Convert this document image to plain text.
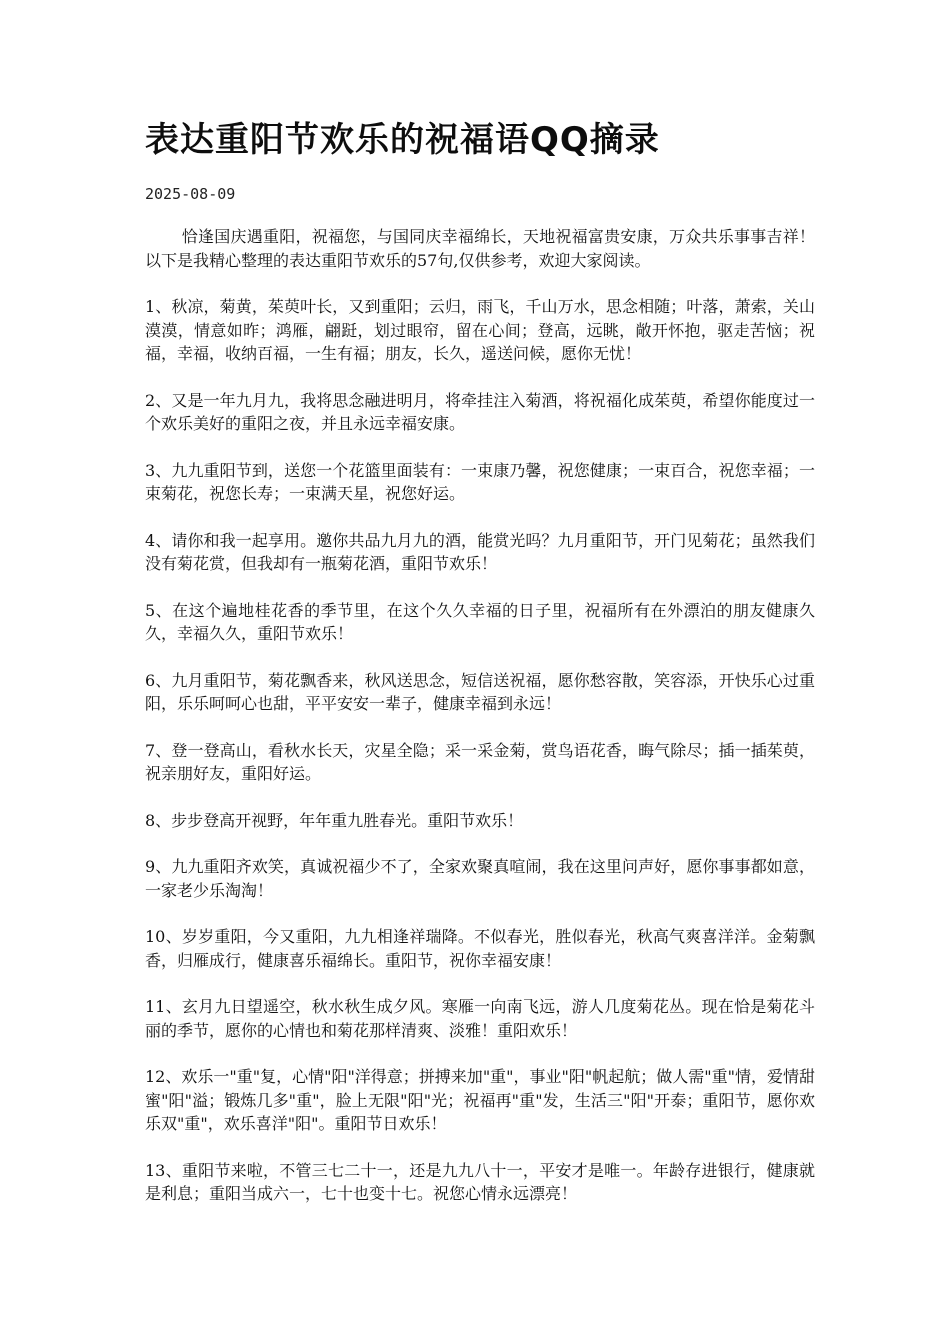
表达重阳节欢乐的祝福语QQ摘录
2025-08-09

恰逢国庆遇重阳，祝福您，与国同庆幸福绵长，天地祝福富贵安康，万众共乐事事吉祥！以下是我精心整理的表达重阳节欢乐的57句,仅供参考，欢迎大家阅读。

1、秋凉，菊黄，茱萸叶长，又到重阳；云归，雨飞，千山万水，思念相随；叶落，萧索，关山漠漠，情意如昨；鸿雁，翩跹，划过眼帘，留在心间；登高，远眺，敞开怀抱，驱走苦恼；祝福，幸福，收纳百福，一生有福；朋友，长久，遥送问候，愿你无忧！

2、又是一年九月九，我将思念融进明月，将牵挂注入菊酒，将祝福化成茱萸，希望你能度过一个欢乐美好的重阳之夜，并且永远幸福安康。

3、九九重阳节到，送您一个花篮里面装有：一束康乃馨，祝您健康；一束百合，祝您幸福；一束菊花，祝您长寿；一束满天星，祝您好运。

4、请你和我一起享用。邀你共品九月九的酒，能赏光吗？九月重阳节，开门见菊花；虽然我们没有菊花赏，但我却有一瓶菊花酒，重阳节欢乐！

5、在这个遍地桂花香的季节里，在这个久久幸福的日子里，祝福所有在外漂泊的朋友健康久久，幸福久久，重阳节欢乐！

6、九月重阳节，菊花飘香来，秋风送思念，短信送祝福，愿你愁容散，笑容添，开快乐心过重阳，乐乐呵呵心也甜，平平安安一辈子，健康幸福到永远！

7、登一登高山，看秋水长天，灾星全隐；采一采金菊，赏鸟语花香，晦气除尽；插一插茱萸，祝亲朋好友，重阳好运。

8、步步登高开视野，年年重九胜春光。重阳节欢乐！

9、九九重阳齐欢笑，真诚祝福少不了，全家欢聚真喧闹，我在这里问声好，愿你事事都如意，一家老少乐淘淘！

10、岁岁重阳，今又重阳，九九相逢祥瑞降。不似春光，胜似春光，秋高气爽喜洋洋。金菊飘香，归雁成行，健康喜乐福绵长。重阳节，祝你幸福安康！

11、玄月九日望遥空，秋水秋生成夕风。寒雁一向南飞远，游人几度菊花丛。现在恰是菊花斗丽的季节，愿你的心情也和菊花那样清爽、淡雅！重阳欢乐！

12、欢乐一"重"复，心情"阳"洋得意；拼搏来加"重"，事业"阳"帆起航；做人需"重"情，爱情甜蜜"阳"溢；锻炼几多"重"，脸上无限"阳"光；祝福再"重"发，生活三"阳"开泰；重阳节，愿你欢乐双"重"，欢乐喜洋"阳"。重阳节日欢乐！

13、重阳节来啦，不管三七二十一，还是九九八十一，平安才是唯一。年龄存进银行，健康就是利息；重阳当成六一，七十也变十七。祝您心情永远漂亮！
